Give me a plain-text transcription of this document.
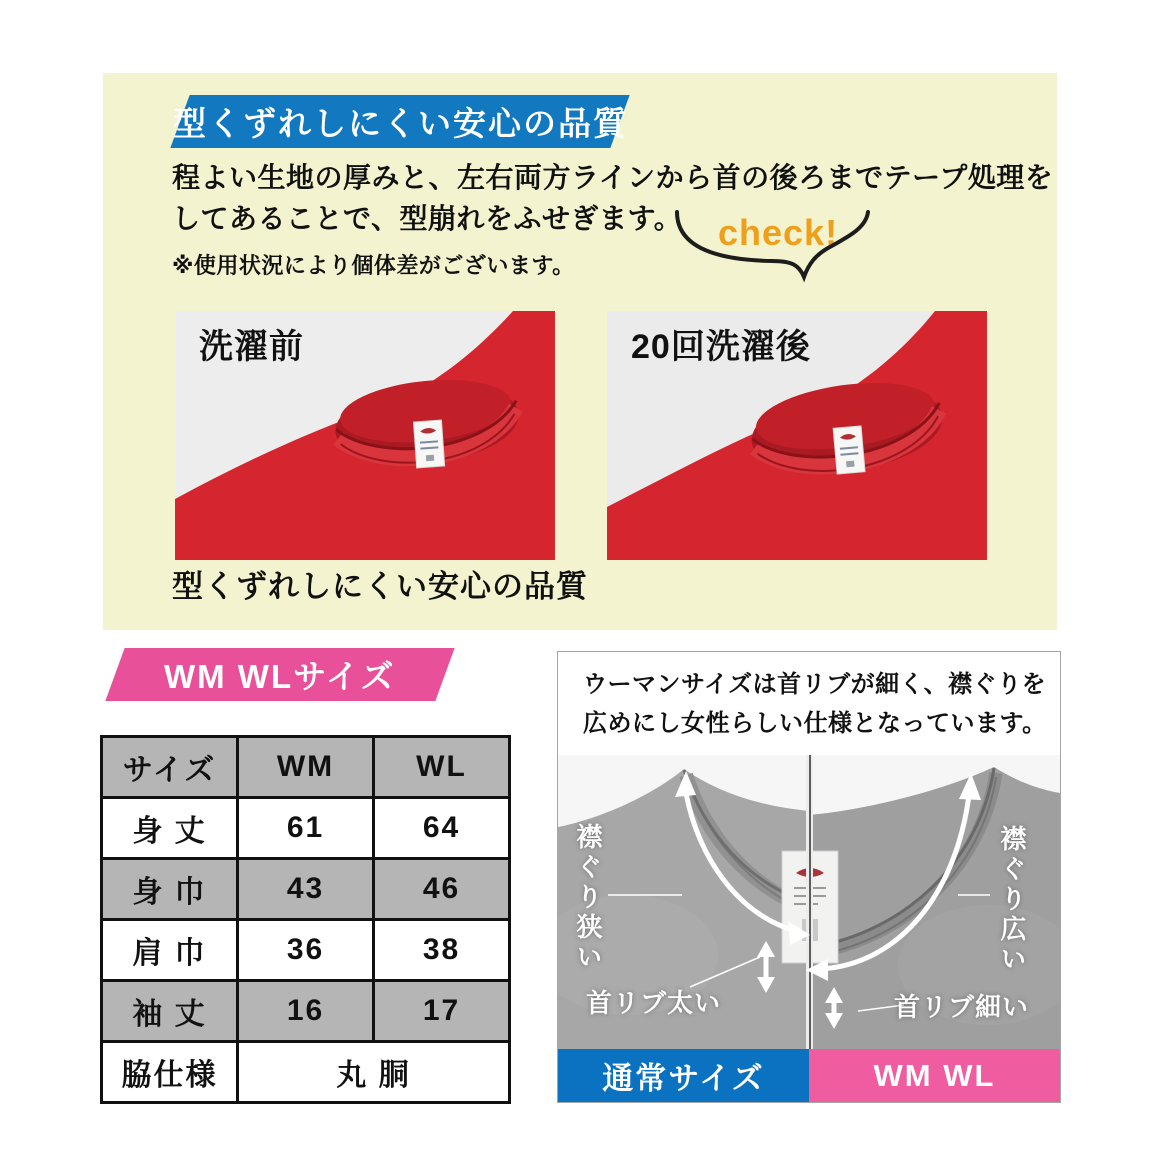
型くずれしにくい安心の品質
程よい生地の厚みと、左右両方ラインから首の後ろまでテープ処理を
してあることで、型崩れをふせぎます。
※使用状況により個体差がございます。
check!
洗濯前	20回洗濯後
型くずれしにくい安心の品質
WM WLサイズ
サイズ	WM	WL
身 丈	61	64
身 巾	43	46
肩 巾	36	38
袖 丈	16	17
脇仕様	丸 胴	
ウーマンサイズは首リブが細く、襟ぐりを
広めにし女性らしい仕様となっています。
襟ぐり狭い
首リブ太い
襟ぐり広い
首リブ細い
通常サイズ	WM WL
